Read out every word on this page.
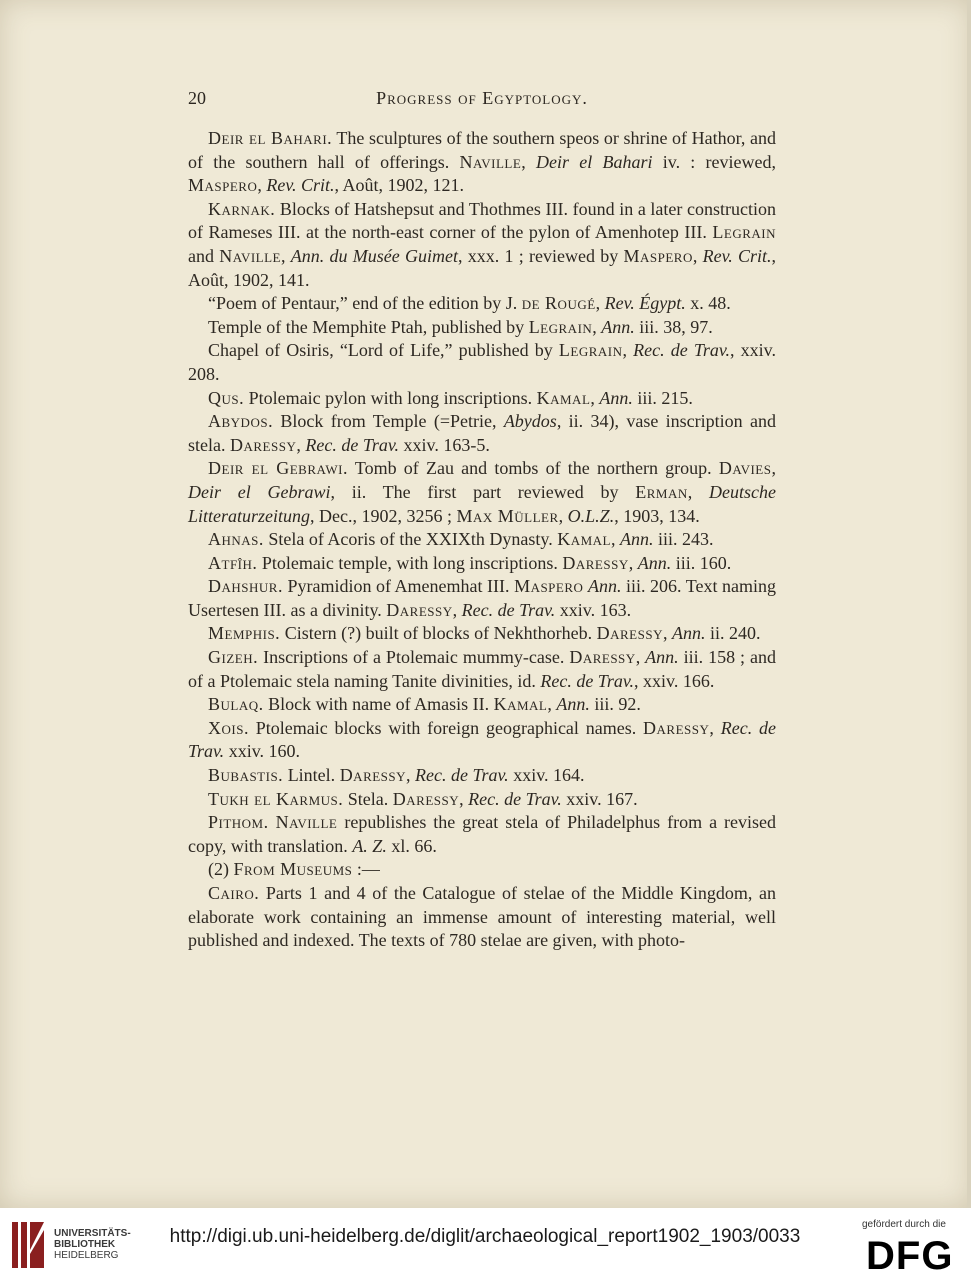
20	Progress of Egyptology.

Deir el Bahari. The sculptures of the southern speos or shrine of Hathor, and of the southern hall of offerings. Naville, Deir el Bahari iv. : reviewed, Maspero, Rev. Crit., Août, 1902, 121.

Karnak. Blocks of Hatshepsut and Thothmes III. found in a later construction of Rameses III. at the north-east corner of the pylon of Amenhotep III. Legrain and Naville, Ann. du Musée Guimet, xxx. 1 ; reviewed by Maspero, Rev. Crit., Août, 1902, 141.

“Poem of Pentaur,” end of the edition by J. de Rougé, Rev. Égypt. x. 48.

Temple of the Memphite Ptah, published by Legrain, Ann. iii. 38, 97.

Chapel of Osiris, “Lord of Life,” published by Legrain, Rec. de Trav., xxiv. 208.

Qus. Ptolemaic pylon with long inscriptions. Kamal, Ann. iii. 215.

Abydos. Block from Temple (=Petrie, Abydos, ii. 34), vase inscription and stela. Daressy, Rec. de Trav. xxiv. 163-5.

Deir el Gebrawi. Tomb of Zau and tombs of the northern group. Davies, Deir el Gebrawi, ii. The first part reviewed by Erman, Deutsche Litteraturzeitung, Dec., 1902, 3256 ; Max Müller, O.L.Z., 1903, 134.

Ahnas. Stela of Acoris of the XXIXth Dynasty. Kamal, Ann. iii. 243.

Atfîh. Ptolemaic temple, with long inscriptions. Daressy, Ann. iii. 160.

Dahshur. Pyramidion of Amenemhat III. Maspero Ann. iii. 206. Text naming Usertesen III. as a divinity. Daressy, Rec. de Trav. xxiv. 163.

Memphis. Cistern (?) built of blocks of Nekhthorheb. Daressy, Ann. ii. 240.

Gizeh. Inscriptions of a Ptolemaic mummy-case. Daressy, Ann. iii. 158 ; and of a Ptolemaic stela naming Tanite divinities, id. Rec. de Trav., xxiv. 166.

Bulaq. Block with name of Amasis II. Kamal, Ann. iii. 92.

Xois. Ptolemaic blocks with foreign geographical names. Daressy, Rec. de Trav. xxiv. 160.

Bubastis. Lintel. Daressy, Rec. de Trav. xxiv. 164.

Tukh el Karmus. Stela. Daressy, Rec. de Trav. xxiv. 167.

Pithom. Naville republishes the great stela of Philadelphus from a revised copy, with translation. A. Z. xl. 66.

(2) From Museums :—

Cairo. Parts 1 and 4 of the Catalogue of stelae of the Middle Kingdom, an elaborate work containing an immense amount of interesting material, well published and indexed. The texts of 780 stelae are given, with photo-

UNIVERSITÄTS-
BIBLIOTHEK
HEIDELBERG
http://digi.ub.uni-heidelberg.de/diglit/archaeological_report1902_1903/0033
gefördert durch die
DFG
